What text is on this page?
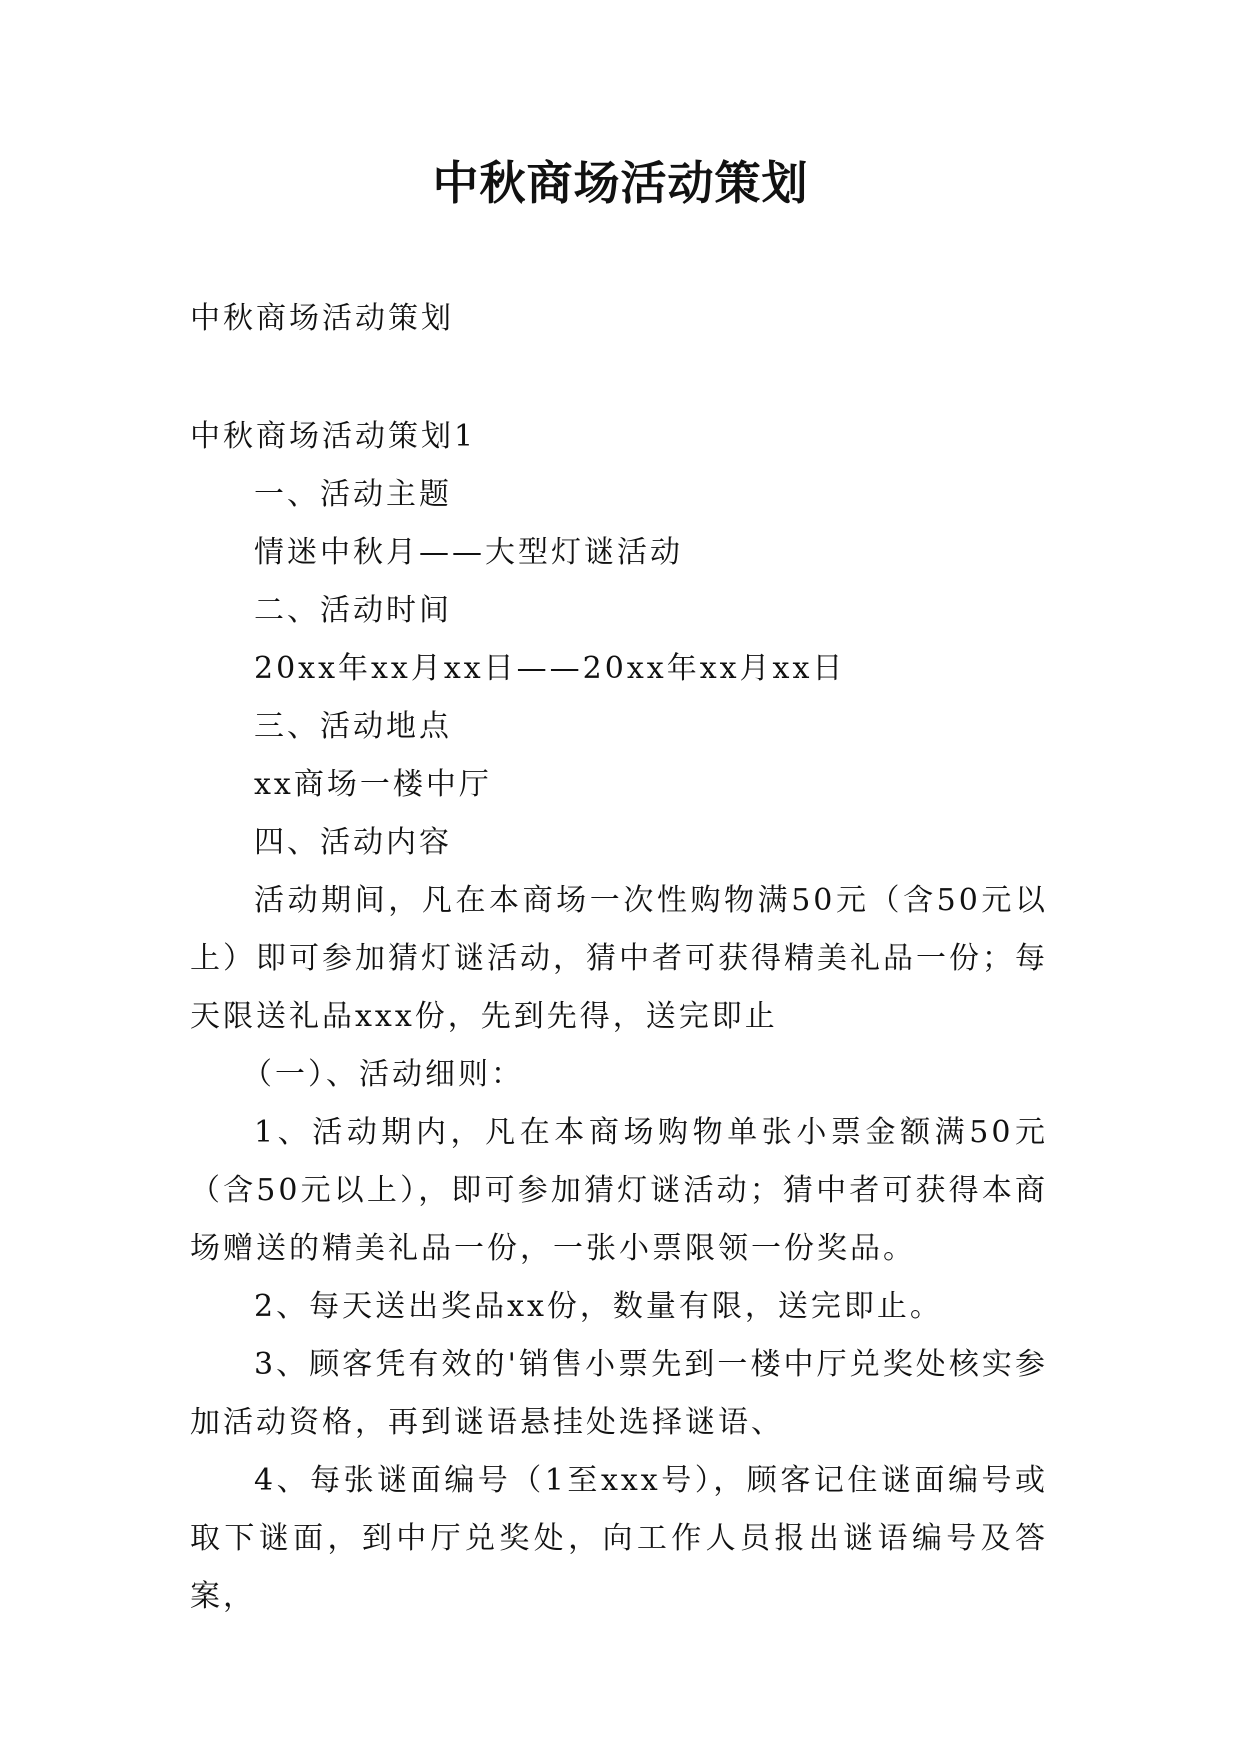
中秋商场活动策划
中秋商场活动策划
中秋商场活动策划1
一、活动主题
情迷中秋月——大型灯谜活动
二、活动时间
20xx年xx月xx日——20xx年xx月xx日
三、活动地点
xx商场一楼中厅
四、活动内容
活动期间，凡在本商场一次性购物满50元（含50元以上）即可参加猜灯谜活动，猜中者可获得精美礼品一份；每天限送礼品xxx份，先到先得，送完即止
（一）、活动细则：
1、活动期内，凡在本商场购物单张小票金额满50元（含50元以上），即可参加猜灯谜活动；猜中者可获得本商场赠送的精美礼品一份，一张小票限领一份奖品。
2、每天送出奖品xx份，数量有限，送完即止。
3、顾客凭有效的'销售小票先到一楼中厅兑奖处核实参加活动资格，再到谜语悬挂处选择谜语、
4、每张谜面编号（1至xxx号），顾客记住谜面编号或取下谜面，到中厅兑奖处，向工作人员报出谜语编号及答案，
